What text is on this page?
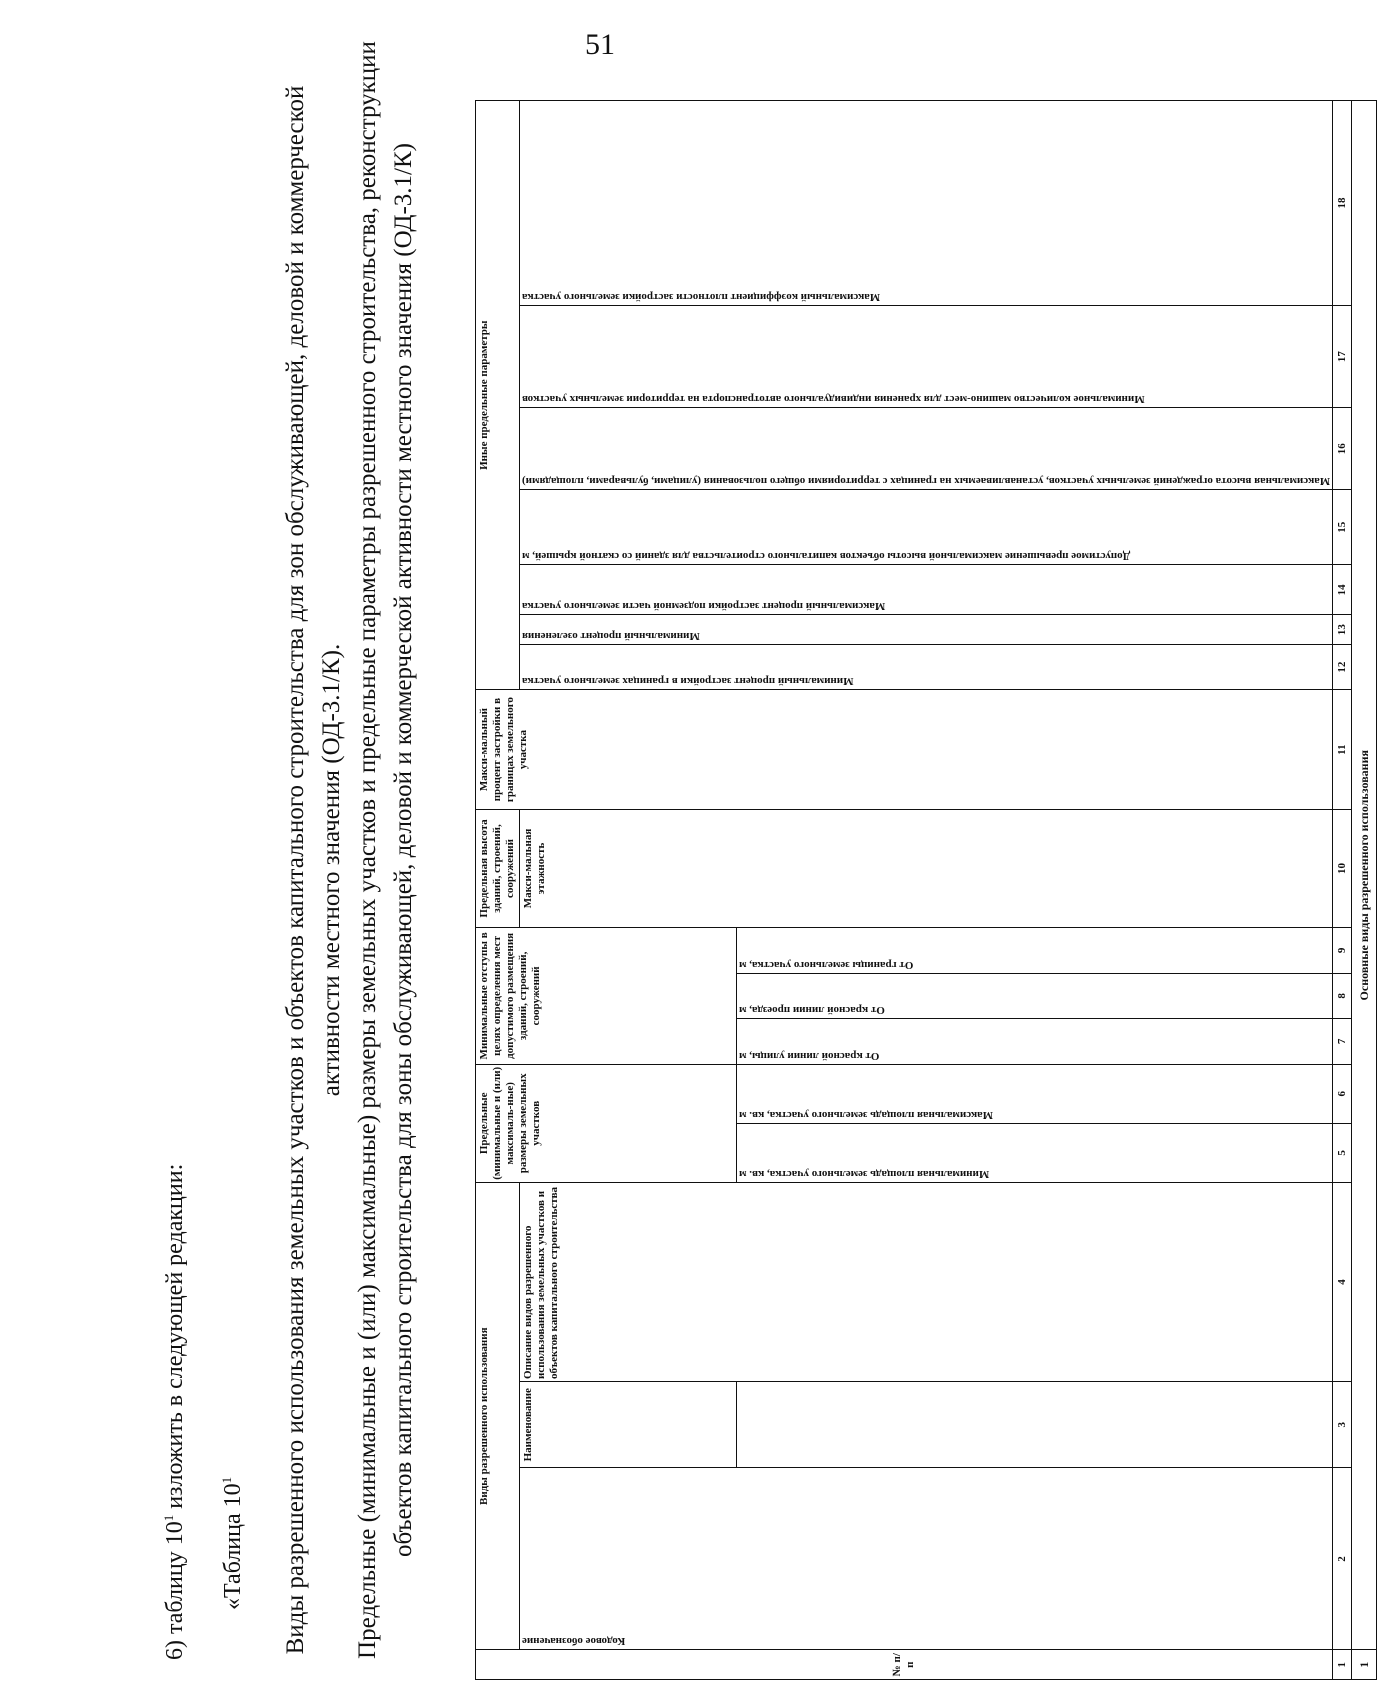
51
6) таблицу $10^1$ изложить в следующей редакции:
«Таблица $10^1$	Виды разрешенного использования земельных участков и объектов капитального строительства для зон обслуживающей, деловой и коммерческой активности местного значения (ОД-3.1/К). Предельные (минимальные и (или) максимальные) размеры земельных участков и предельные параметры разрешенного строительства, реконструкции объектов капитального строительства для зоны обслуживающей, деловой и коммерческой активности местного значения (ОД-3.1/К)
№ п/п	Виды разрешенного использования			Предельные (минимальные и (или) максималь-ные) размеры земельных участков		Минимальные отступы в целях определения мест допустимого размещения зданий, строений, сооружений			Предельная высота зданий, строений, сооружений	Макси-мальный процент застройки в границах земельного участка	Иные предельные параметры						

	Кодовое обозначение	Наименование	Описание видов разрешенного использования земельных участков и объектов капитального строительства						Макси-мальная этажность		Минимальный процент застройки в границах земельного участка	Минимальный процент озеленения	Максимальный процент застройки подземной части земельного участка	Допустимое превышение максимальной высоты объектов капитального строительства для зданий со скатной крышей, м	Максимальная высота ограждений земельных участков, устанавливаемых на границах с территориями общего пользования (улицами, бульварами, площадями)	Минимальное количество машино-мест для хранения индивидуального автотранспорта на территории земельных участков	Максимальный коэффициент плотности застройки земельного участка

				Минимальная площадь земельного участка, кв. м	Максимальная площадь земельного участка, кв. м	От красной линии улицы, м	От красной линии проезда, м	От границы земельного участка, м									

1	2	3	4	5	6	7	8	9	10	11	12	13	14	15	16	17	18
1	Основные виды разрешенного использования																
